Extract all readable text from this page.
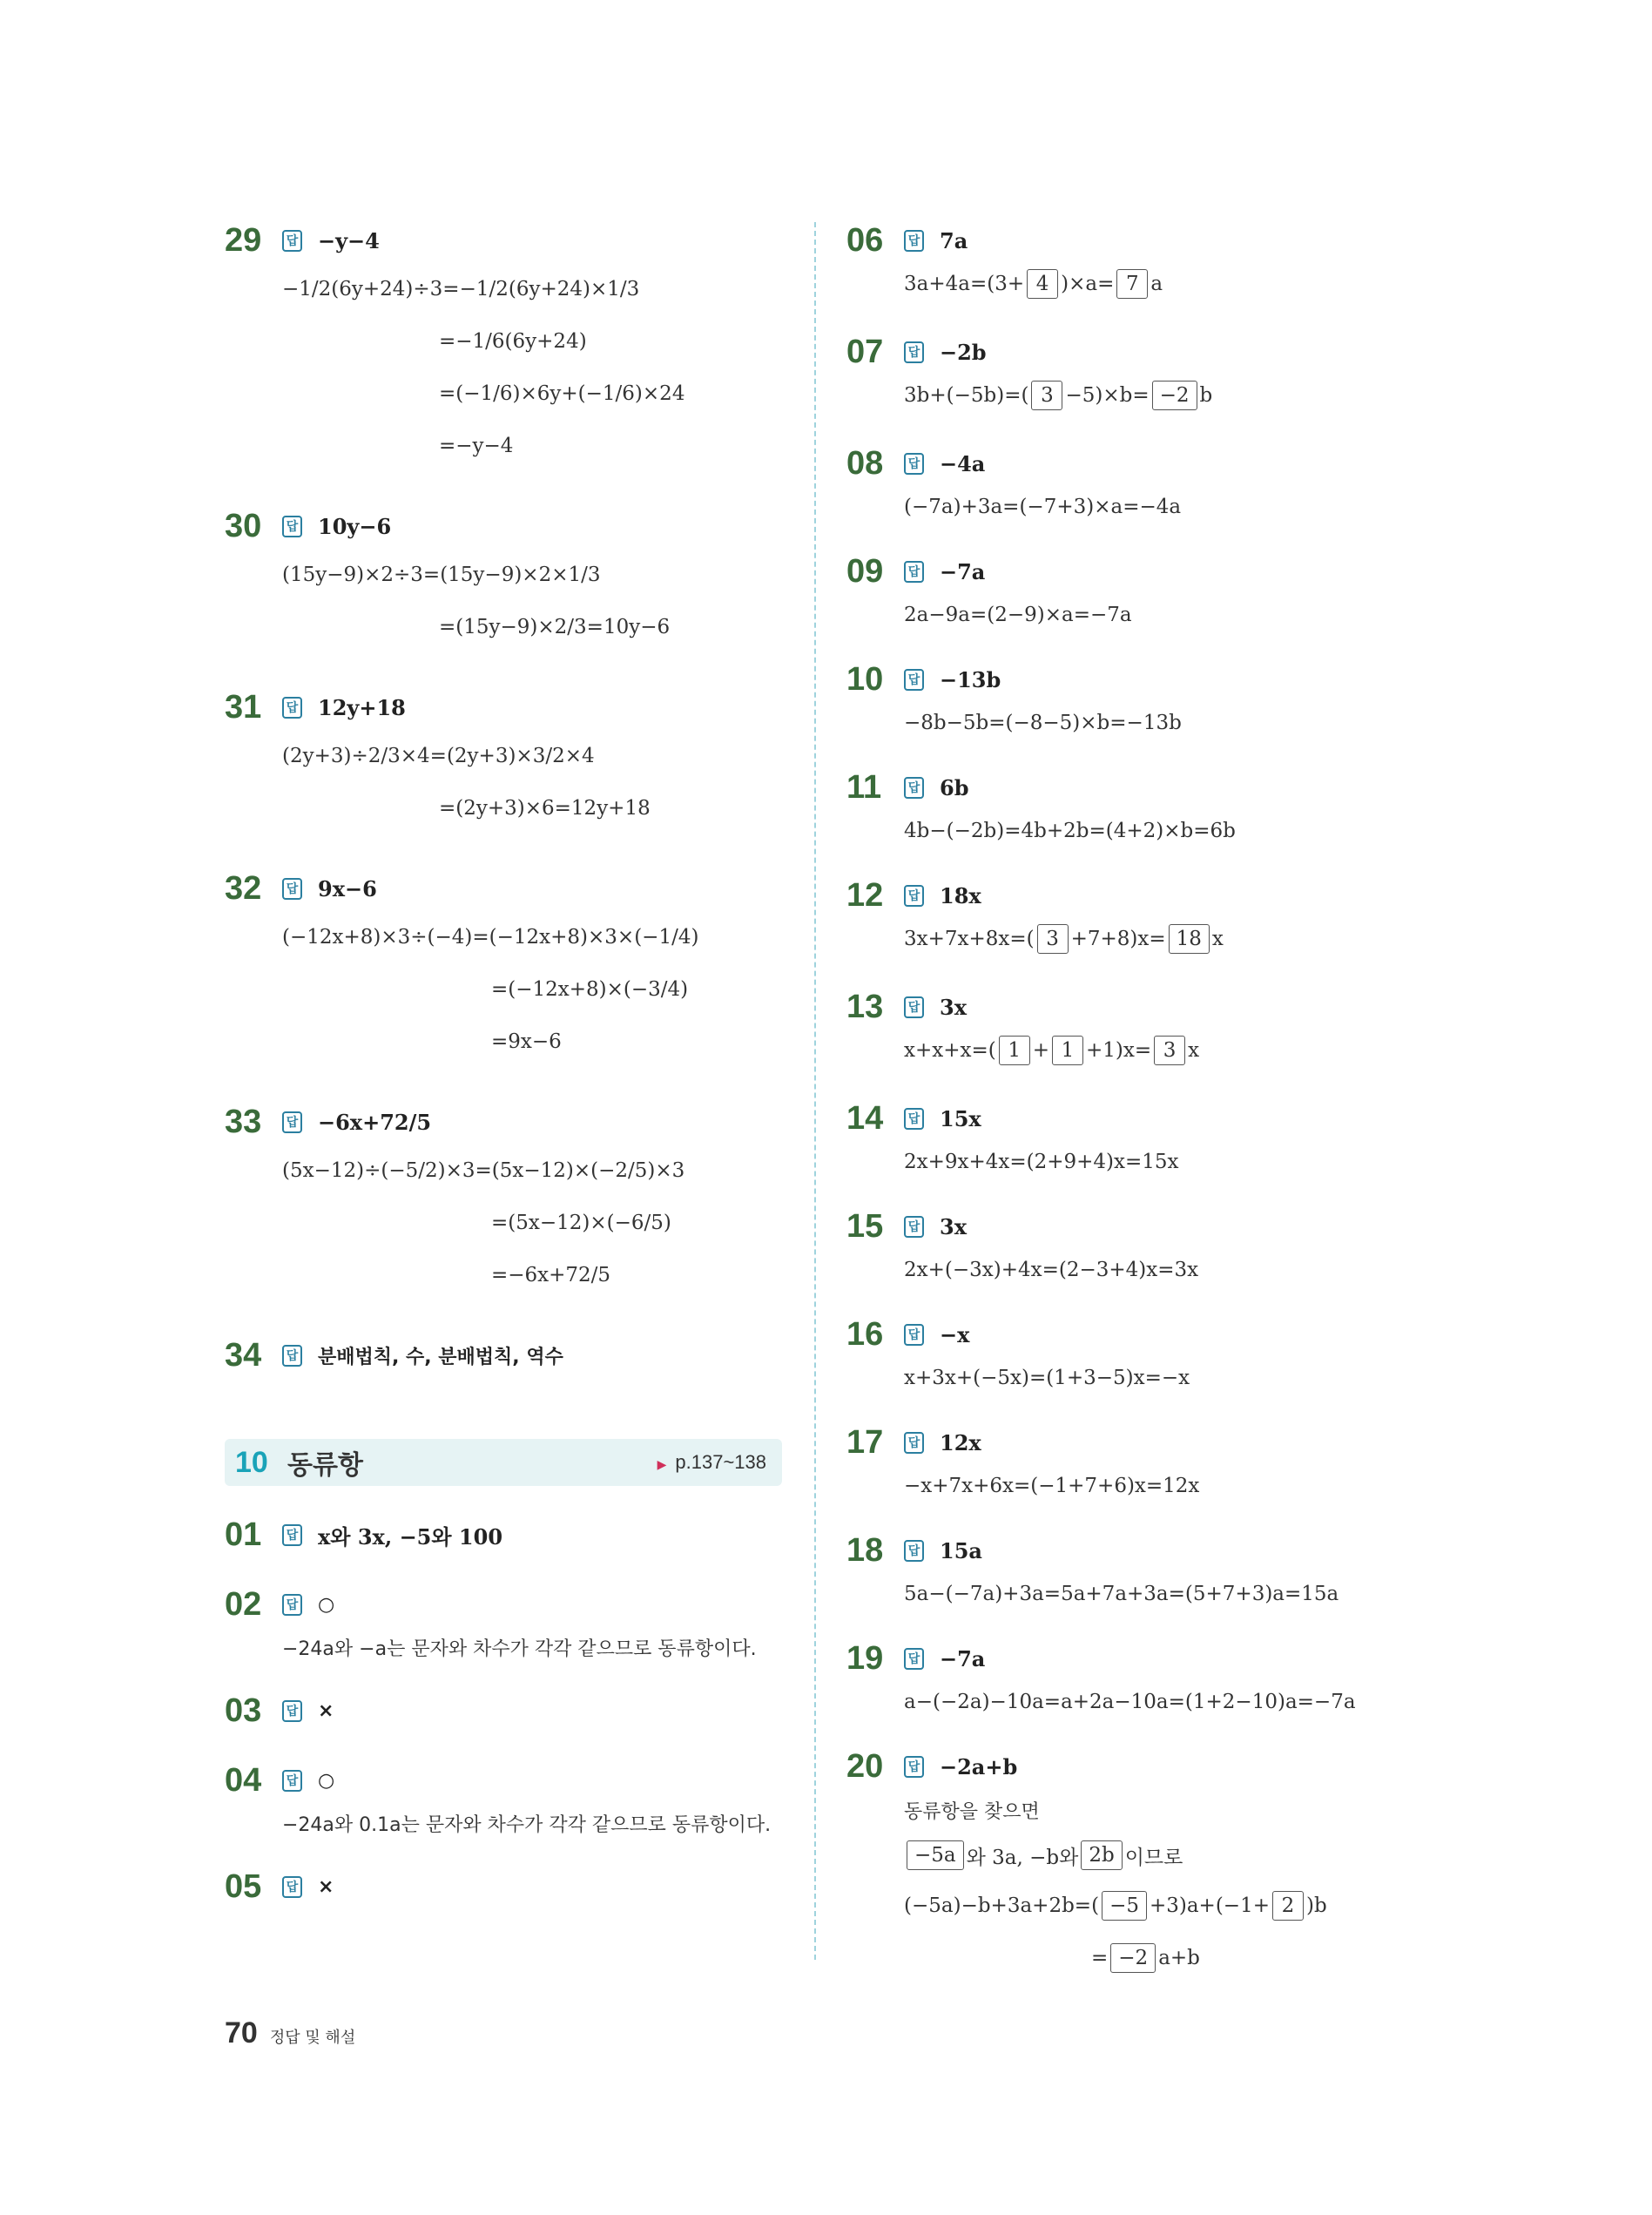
29	답 −y−4
−1/2(6y+24)÷3=−1/2(6y+24)×1/3
=−1/6(6y+24)
=(−1/6)×6y+(−1/6)×24
=−y−4
30	답 10y−6
(15y−9)×2÷3=(15y−9)×2×1/3
=(15y−9)×2/3=10y−6
31	답 12y+18
(2y+3)÷2/3×4=(2y+3)×3/2×4
=(2y+3)×6=12y+18
32	답 9x−6
(−12x+8)×3÷(−4)=(−12x+8)×3×(−1/4)
=(−12x+8)×(−3/4)
=9x−6
33	답 −6x+72/5
(5x−12)÷(−5/2)×3=(5x−12)×(−2/5)×3
=(5x−12)×(−6/5)
=−6x+72/5
34	답 분배법칙, 수, 분배법칙, 역수
10 동류항	▶ p.137~138
01	답 x와 3x, −5와 100
02	답 ○
−24a와 −a는 문자와 차수가 각각 같으므로 동류항이다.
03	답 ×
04	답 ○
−24a와 0.1a는 문자와 차수가 각각 같으므로 동류항이다.
05	답 ×
06	답 7a
3a+4a=(3+ 4 )×a= 7 a
07	답 −2b
3b+(−5b)=( 3 −5)×b= −2 b
08	답 −4a
(−7a)+3a=(−7+3)×a=−4a
09	답 −7a
2a−9a=(2−9)×a=−7a
10	답 −13b
−8b−5b=(−8−5)×b=−13b
11	답 6b
4b−(−2b)=4b+2b=(4+2)×b=6b
12	답 18x
3x+7x+8x=( 3 +7+8)x= 18 x
13	답 3x
x+x+x=( 1 + 1 +1)x= 3 x
14	답 15x
2x+9x+4x=(2+9+4)x=15x
15	답 3x
2x+(−3x)+4x=(2−3+4)x=3x
16	답 −x
x+3x+(−5x)=(1+3−5)x=−x
17	답 12x
−x+7x+6x=(−1+7+6)x=12x
18	답 15a
5a−(−7a)+3a=5a+7a+3a=(5+7+3)a=15a
19	답 −7a
a−(−2a)−10a=a+2a−10a=(1+2−10)a=−7a
20	답 −2a+b
동류항을 찾으면
−5a 와 3a, −b와 2b 이므로
(−5a)−b+3a+2b=( −5 +3)a+(−1+ 2 )b
= −2 a+b
70 정답 및 해설
